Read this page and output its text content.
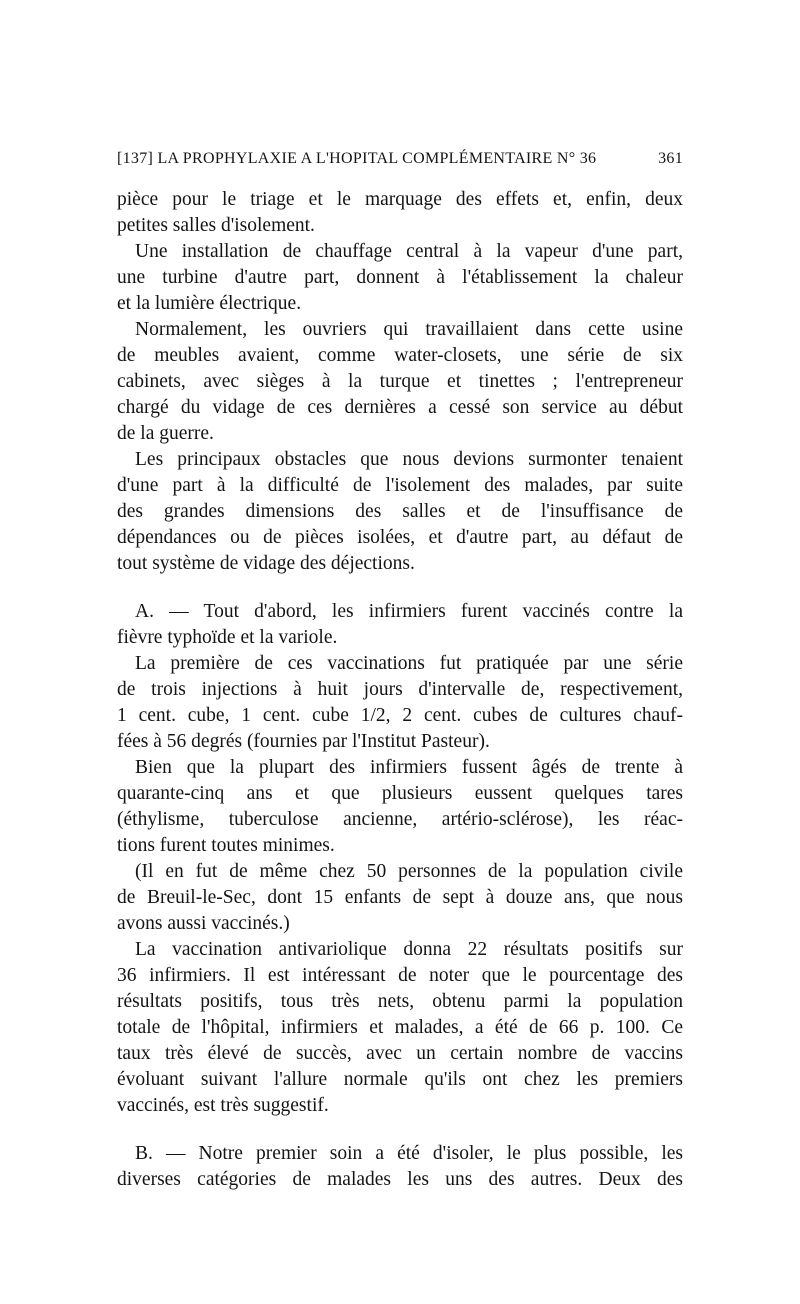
[137] LA PROPHYLAXIE A L'HOPITAL COMPLÉMENTAIRE N° 36	361
pièce pour le triage et le marquage des effets et, enfin, deux
petites salles d'isolement.
Une installation de chauffage central à la vapeur d'une part,
une turbine d'autre part, donnent à l'établissement la chaleur
et la lumière électrique.
Normalement, les ouvriers qui travaillaient dans cette usine
de meubles avaient, comme water-closets, une série de six
cabinets, avec sièges à la turque et tinettes ; l'entrepreneur
chargé du vidage de ces dernières a cessé son service au début
de la guerre.
Les principaux obstacles que nous devions surmonter tenaient
d'une part à la difficulté de l'isolement des malades, par suite
des grandes dimensions des salles et de l'insuffisance de
dépendances ou de pièces isolées, et d'autre part, au défaut de
tout système de vidage des déjections.
A. — Tout d'abord, les infirmiers furent vaccinés contre la
fièvre typhoïde et la variole.
La première de ces vaccinations fut pratiquée par une série
de trois injections à huit jours d'intervalle de, respectivement,
1 cent. cube, 1 cent. cube 1/2, 2 cent. cubes de cultures chauf-
fées à 56 degrés (fournies par l'Institut Pasteur).
Bien que la plupart des infirmiers fussent âgés de trente à
quarante-cinq ans et que plusieurs eussent quelques tares
(éthylisme, tuberculose ancienne, artério-sclérose), les réac-
tions furent toutes minimes.
(Il en fut de même chez 50 personnes de la population civile
de Breuil-le-Sec, dont 15 enfants de sept à douze ans, que nous
avons aussi vaccinés.)
La vaccination antivariolique donna 22 résultats positifs sur
36 infirmiers. Il est intéressant de noter que le pourcentage des
résultats positifs, tous très nets, obtenu parmi la population
totale de l'hôpital, infirmiers et malades, a été de 66 p. 100. Ce
taux très élevé de succès, avec un certain nombre de vaccins
évoluant suivant l'allure normale qu'ils ont chez les premiers
vaccinés, est très suggestif.
B. — Notre premier soin a été d'isoler, le plus possible, les
diverses catégories de malades les uns des autres. Deux des
